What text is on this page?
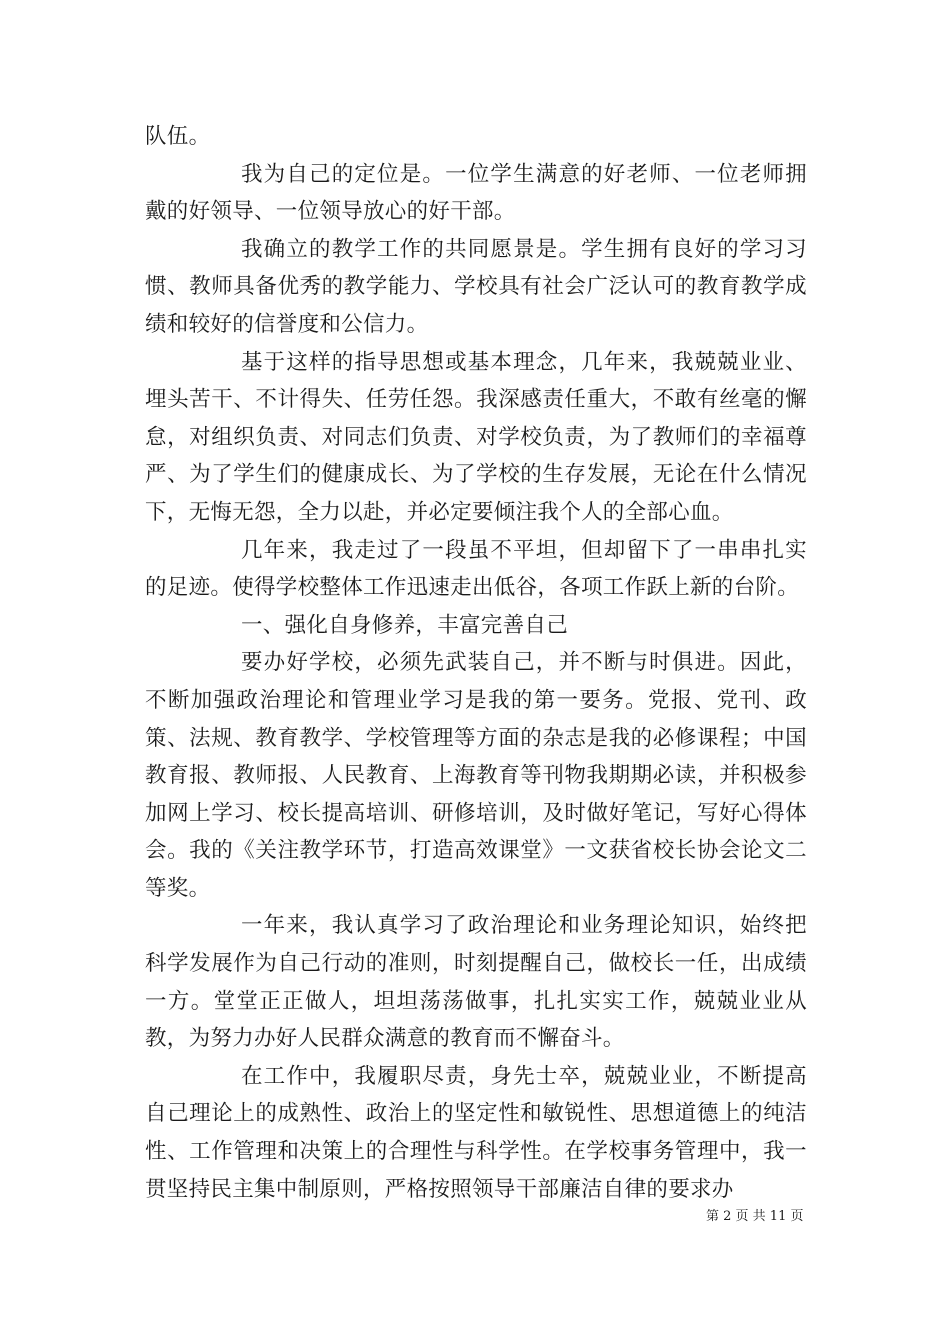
队伍。

我为自己的定位是。一位学生满意的好老师、一位老师拥戴的好领导、一位领导放心的好干部。

我确立的教学工作的共同愿景是。学生拥有良好的学习习惯、教师具备优秀的教学能力、学校具有社会广泛认可的教育教学成绩和较好的信誉度和公信力。

基于这样的指导思想或基本理念，几年来，我兢兢业业、埋头苦干、不计得失、任劳任怨。我深感责任重大，不敢有丝毫的懈怠，对组织负责、对同志们负责、对学校负责，为了教师们的幸福尊严、为了学生们的健康成长、为了学校的生存发展，无论在什么情况下，无悔无怨，全力以赴，并必定要倾注我个人的全部心血。

几年来，我走过了一段虽不平坦，但却留下了一串串扎实的足迹。使得学校整体工作迅速走出低谷，各项工作跃上新的台阶。

一、强化自身修养，丰富完善自己

要办好学校，必须先武装自己，并不断与时俱进。因此，不断加强政治理论和管理业学习是我的第一要务。党报、党刊、政策、法规、教育教学、学校管理等方面的杂志是我的必修课程；中国教育报、教师报、人民教育、上海教育等刊物我期期必读，并积极参加网上学习、校长提高培训、研修培训，及时做好笔记，写好心得体会。我的《关注教学环节，打造高效课堂》一文获省校长协会论文二等奖。

一年来，我认真学习了政治理论和业务理论知识，始终把科学发展作为自己行动的准则，时刻提醒自己，做校长一任，出成绩一方。堂堂正正做人，坦坦荡荡做事，扎扎实实工作，兢兢业业从教，为努力办好人民群众满意的教育而不懈奋斗。

在工作中，我履职尽责，身先士卒，兢兢业业，不断提高自己理论上的成熟性、政治上的坚定性和敏锐性、思想道德上的纯洁性、工作管理和决策上的合理性与科学性。在学校事务管理中，我一贯坚持民主集中制原则，严格按照领导干部廉洁自律的要求办

第 2 页 共 11 页
